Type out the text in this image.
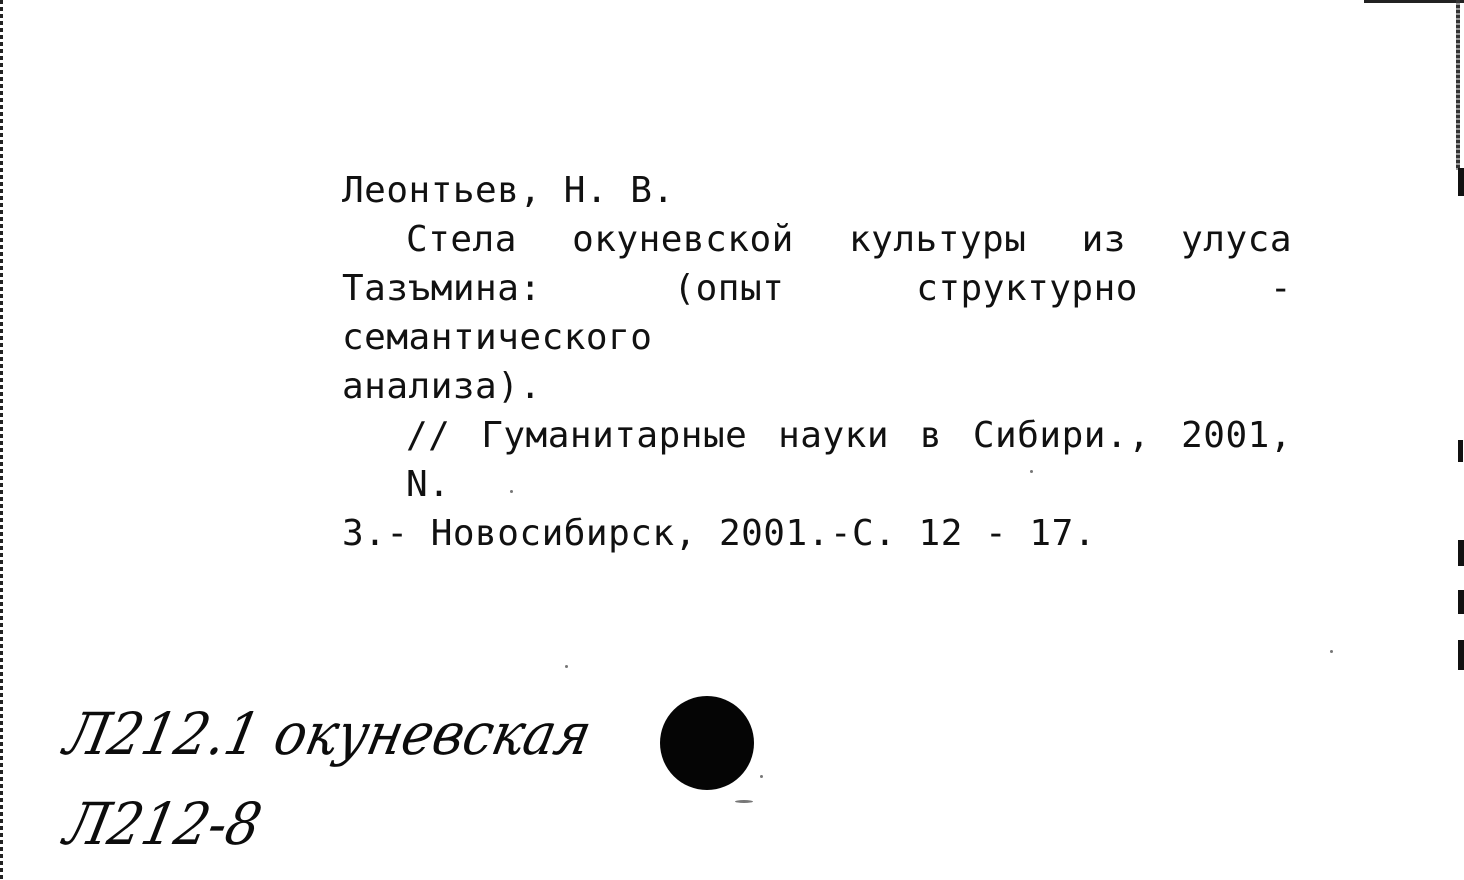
Леонтьев, Н. В.
Стела окуневской культуры из улуса
Тазъмина: (опыт структурно - семантического
анализа).
// Гуманитарные науки в Сибири., 2001, N.
3.- Новосибирск, 2001.-С. 12 - 17.
Л212.1 окуневская
Л212-8
